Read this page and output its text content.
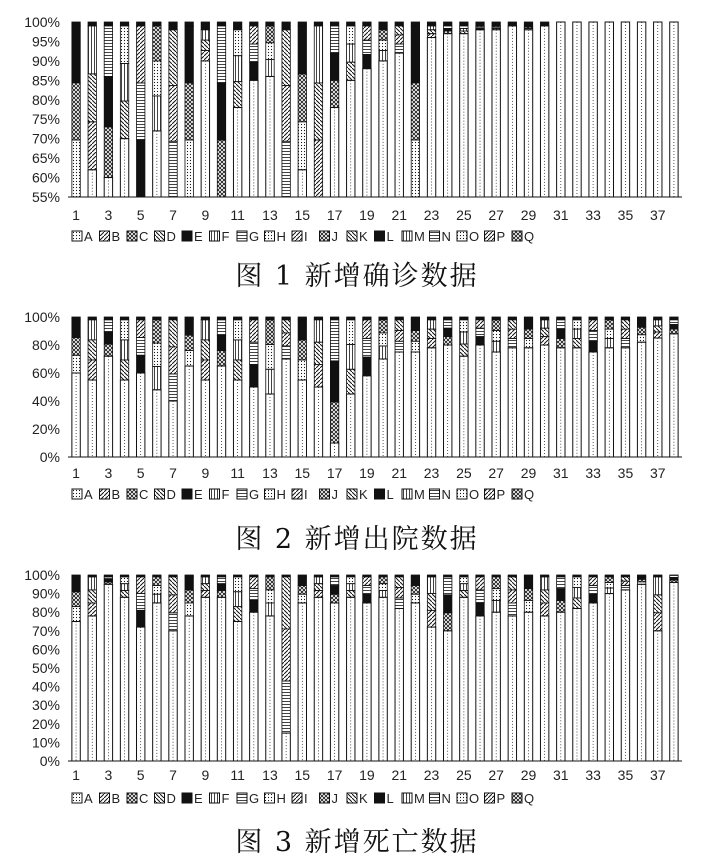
55%
60%
65%
70%
75%
80%
85%
90%
95%
100%
1 3 5 7 9 11 13 15 17 19 21 23 25 27 29 31 33 35 37
A B C D E F G H I J K L M N O P Q
图 1 新增确诊数据
0%
20%
40%
60%
80%
100%
1 3 5 7 9 11 13 15 17 19 21 23 25 27 29 31 33 35 37
A B C D E F G H I J K L M N O P Q
图 2 新增出院数据
0%
10%
20%
30%
40%
50%
60%
70%
80%
90%
100%
1 3 5 7 9 11 13 15 17 19 21 23 25 27 29 31 33 35 37
A B C D E F G H I J K L M N O P Q
图 3 新增死亡数据
